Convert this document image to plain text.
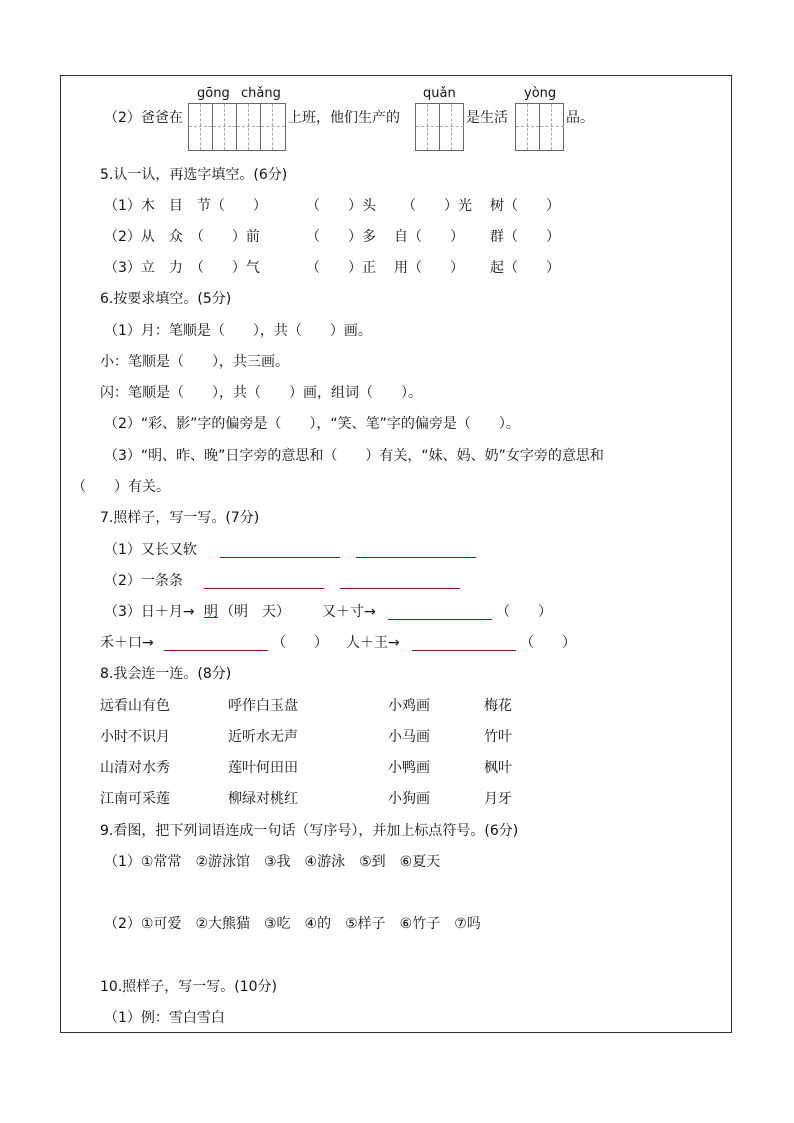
gōng chǎng	quǎn	yòng
（2）爸爸在	上班，他们生产的	是生活	品。
5.认一认，再选字填空。(6分)
（1）木　目　节（　　）	（　　）头 （　　）光 树（　　）
（2）从　众　（　　）前	（　　）多 自（　　） 群（　　）
（3）立　力　（　　）气	（　　）正 用（　　） 起（　　）
6.按要求填空。(5分)
（1）月：笔顺是（　　），共（　　）画。
小：笔顺是（　　），共三画。
闪：笔顺是（　　），共（　　）画，组词（　　）。
（2）“彩、影”字的偏旁是（　　），“笑、笔”字的偏旁是（　　）。
（3）“明、昨、晚”日字旁的意思和（　　）有关，“妹、妈、奶”女字旁的意思和
（　　）有关。
7.照样子，写一写。(7分)
（1）又长又软
（2）一条条
（3）日＋月→ 明 （明　天） 又＋寸→	（　　）
禾＋口→	（　　） 人＋王→	（　　）
8.我会连一连。(8分)
远看山有色	呼作白玉盘	小鸡画	梅花
小时不识月	近听水无声	小马画	竹叶
山清对水秀	莲叶何田田	小鸭画	枫叶
江南可采莲	柳绿对桃红	小狗画	月牙
9.看图，把下列词语连成一句话（写序号），并加上标点符号。(6分)
（1）①常常　②游泳馆　③我　④游泳　⑤到　⑥夏天
（2）①可爱　②大熊猫　③吃　④的　⑤样子　⑥竹子　⑦吗
10.照样子，写一写。(10分)
（1）例：雪白雪白
